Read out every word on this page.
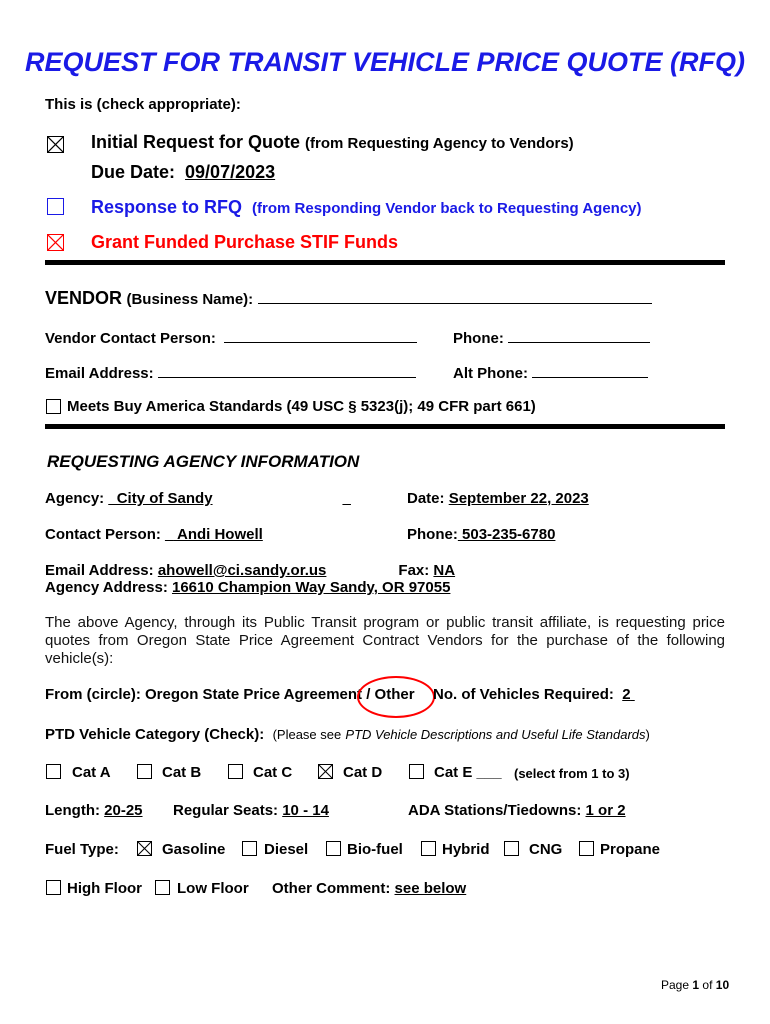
REQUEST FOR TRANSIT VEHICLE PRICE QUOTE (RFQ)
This is (check appropriate):
Initial Request for Quote (from Requesting Agency to Vendors)
Due Date: 09/07/2023
Response to RFQ (from Responding Vendor back to Requesting Agency)
Grant Funded Purchase STIF Funds
VENDOR (Business Name):
Vendor Contact Person:	Phone:
Email Address:	Alt Phone:
Meets Buy America Standards (49 USC § 5323(j); 49 CFR part 661)
REQUESTING AGENCY INFORMATION
Agency: _City of Sandy	_	Date: September 22, 2023
Contact Person: _ Andi Howell	Phone: 503-235-6780
Email Address: ahowell@ci.sandy.or.us	Fax: NA
Agency Address: 16610 Champion Way Sandy, OR 97055
The above Agency, through its Public Transit program or public transit affiliate, is requesting price quotes from Oregon State Price Agreement Contract Vendors for the purchase of the following vehicle(s):
From (circle): Oregon State Price Agreement / Other No. of Vehicles Required: 2
PTD Vehicle Category (Check): (Please see PTD Vehicle Descriptions and Useful Life Standards)
Cat A	Cat B	Cat C	Cat D	Cat E ___ (select from 1 to 3)
Length: 20-25 Regular Seats: 10 - 14	ADA Stations/Tiedowns: 1 or 2
Fuel Type:	Gasoline	Diesel	Bio-fuel	Hybrid	CNG	Propane
High Floor Low Floor Other Comment: see below
Page 1 of 10
